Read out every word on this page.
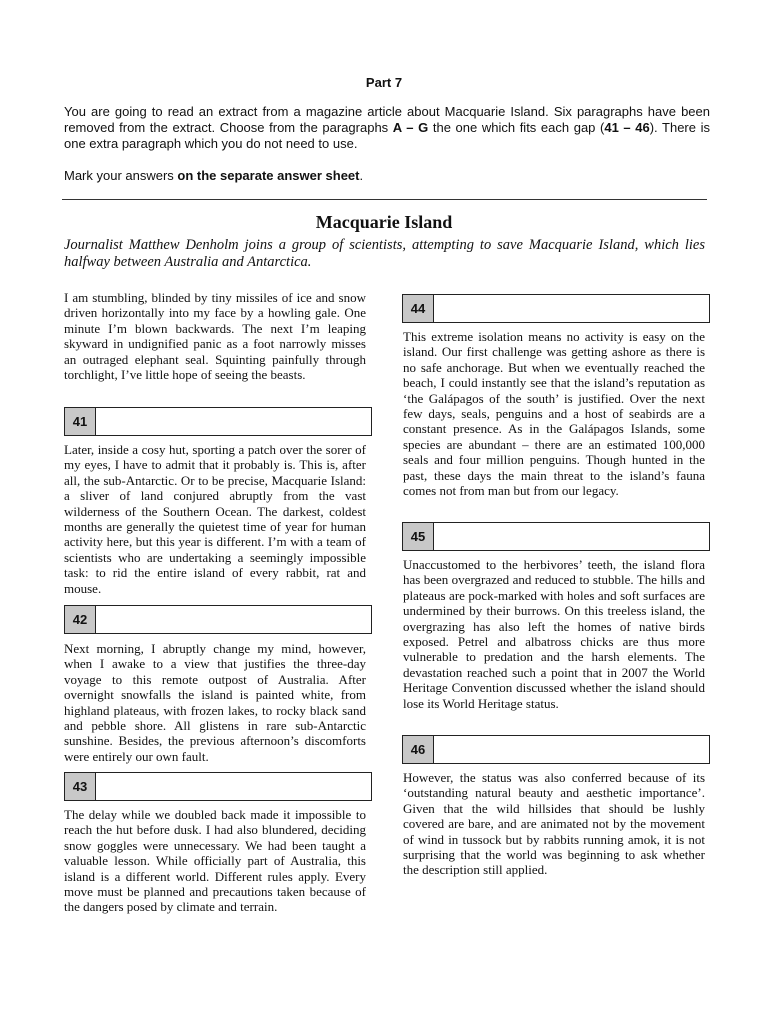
Part 7
You are going to read an extract from a magazine article about Macquarie Island. Six paragraphs have been removed from the extract. Choose from the paragraphs A – G the one which fits each gap (41 – 46). There is one extra paragraph which you do not need to use.
Mark your answers on the separate answer sheet.
Macquarie Island
Journalist Matthew Denholm joins a group of scientists, attempting to save Macquarie Island, which lies halfway between Australia and Antarctica.
I am stumbling, blinded by tiny missiles of ice and snow driven horizontally into my face by a howling gale. One minute I’m blown backwards. The next I’m leaping skyward in undignified panic as a foot narrowly misses an outraged elephant seal. Squinting painfully through torchlight, I’ve little hope of seeing the beasts.
41
Later, inside a cosy hut, sporting a patch over the sorer of my eyes, I have to admit that it probably is. This is, after all, the sub-Antarctic. Or to be precise, Macquarie Island: a sliver of land conjured abruptly from the vast wilderness of the Southern Ocean. The darkest, coldest months are generally the quietest time of year for human activity here, but this year is different. I’m with a team of scientists who are undertaking a seemingly impossible task: to rid the entire island of every rabbit, rat and mouse.
42
Next morning, I abruptly change my mind, however, when I awake to a view that justifies the three-day voyage to this remote outpost of Australia. After overnight snowfalls the island is painted white, from highland plateaus, with frozen lakes, to rocky black sand and pebble shore. All glistens in rare sub-Antarctic sunshine. Besides, the previous afternoon’s discomforts were entirely our own fault.
43
The delay while we doubled back made it impossible to reach the hut before dusk. I had also blundered, deciding snow goggles were unnecessary. We had been taught a valuable lesson. While officially part of Australia, this island is a different world. Different rules apply. Every move must be planned and precautions taken because of the dangers posed by climate and terrain.
44
This extreme isolation means no activity is easy on the island. Our first challenge was getting ashore as there is no safe anchorage. But when we eventually reached the beach, I could instantly see that the island’s reputation as ‘the Galápagos of the south’ is justified. Over the next few days, seals, penguins and a host of seabirds are a constant presence. As in the Galápagos Islands, some species are abundant – there are an estimated 100,000 seals and four million penguins. Though hunted in the past, these days the main threat to the island’s fauna comes not from man but from our legacy.
45
Unaccustomed to the herbivores’ teeth, the island flora has been overgrazed and reduced to stubble. The hills and plateaus are pock-marked with holes and soft surfaces are undermined by their burrows. On this treeless island, the overgrazing has also left the homes of native birds exposed. Petrel and albatross chicks are thus more vulnerable to predation and the harsh elements. The devastation reached such a point that in 2007 the World Heritage Convention discussed whether the island should lose its World Heritage status.
46
However, the status was also conferred because of its ‘outstanding natural beauty and aesthetic importance’. Given that the wild hillsides that should be lushly covered are bare, and are animated not by the movement of wind in tussock but by rabbits running amok, it is not surprising that the world was beginning to ask whether the description still applied.
